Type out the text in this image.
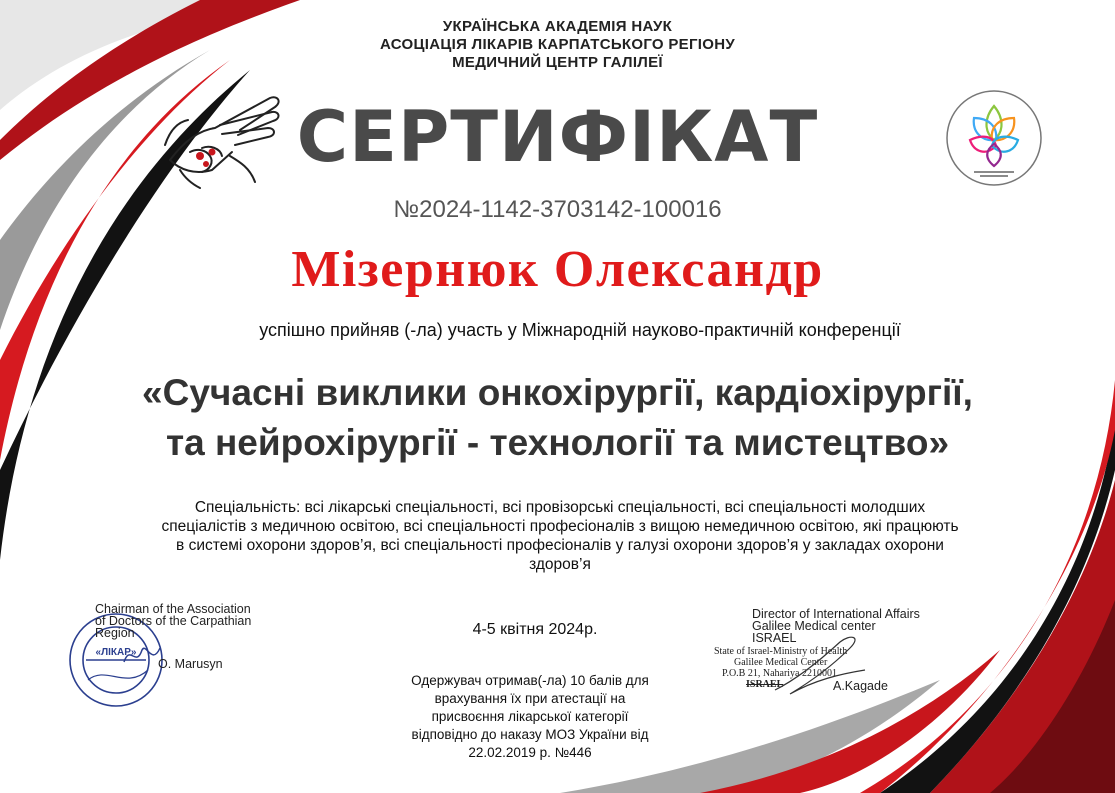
УКРАЇНСЬКА АКАДЕМІЯ НАУК
АСОЦІАЦІЯ ЛІКАРІВ КАРПАТСЬКОГО РЕГІОНУ
МЕДИЧНИЙ ЦЕНТР ГАЛІЛЕЇ
СЕРТИФІКАТ
№2024-1142-3703142-100016
Мізернюк Олександр
успішно прийняв (-ла) участь у Міжнародній науково-практичній конференції
«Сучасні виклики онкохірургії, кардіохірургії,
та нейрохірургії - технології та мистецтво»
Спеціальність: всі лікарські спеціальності, всі провізорські спеціальності, всі спеціальності молодших
спеціалістів з медичною освітою, всі спеціальності професіоналів з вищою немедичною освітою, які працюють
в системі охорони здоров’я, всі спеціальності професіоналів у галузі охорони здоров’я у закладах охорони
здоров’я
4-5 квітня 2024р.
Одержувач отримав(-ла) 10 балів для
врахування їх при атестації на
присвоєння лікарської категорії
відповідно до наказу МОЗ України від
22.02.2019 р. №446
«ЛІКАР»
Chairman of the Association
of Doctors of the Carpathian
Region
O. Marusyn
Director of International Affairs
Galilee Medical center
ISRAEL
State of Israel-Ministry of Health
Galilee Medical Center
P.O.B 21, Nahariya 2210001
ISRAEL	A.Kagade
